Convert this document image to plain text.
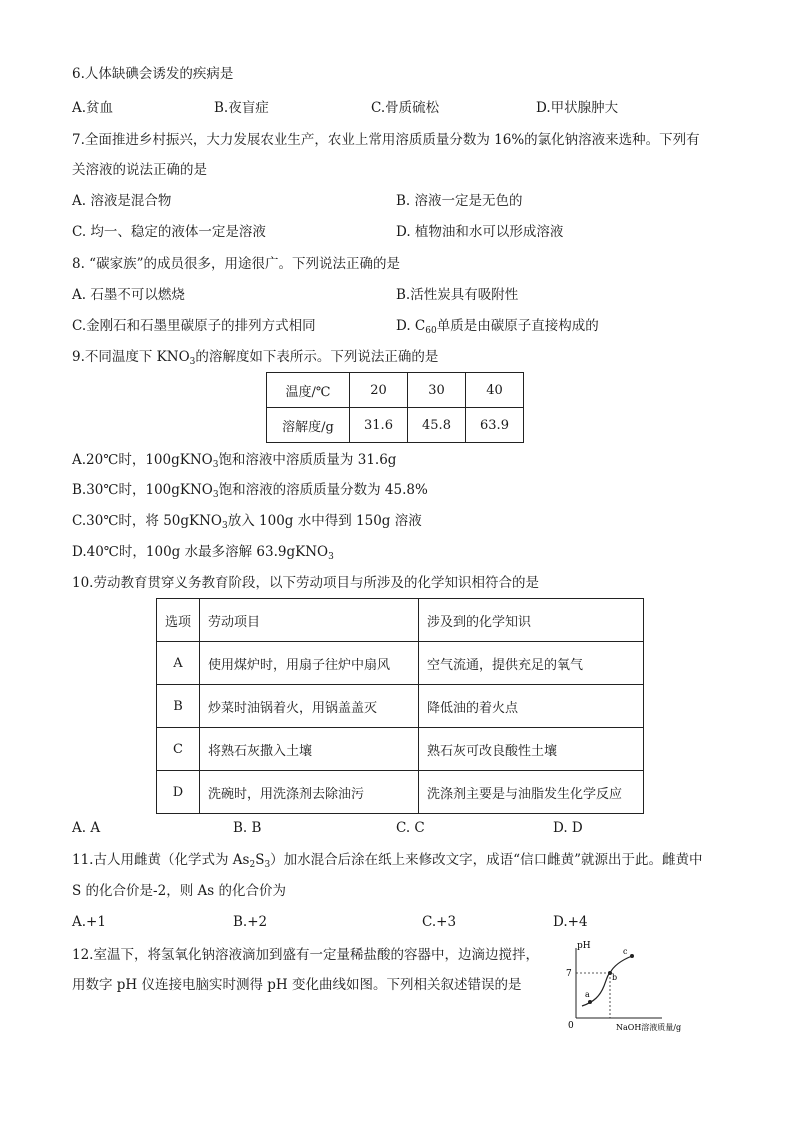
6.人体缺碘会诱发的疾病是
A.贫血	B.夜盲症	C.骨质硫松	D.甲状腺肿大
7.全面推进乡村振兴，大力发展农业生产，农业上常用溶质质量分数为 16%的氯化钠溶液来选种。下列有
关溶液的说法正确的是
A. 溶液是混合物	B. 溶液一定是无色的
C. 均一、稳定的液体一定是溶液	D. 植物油和水可以形成溶液
8. “碳家族”的成员很多，用途很广。下列说法正确的是
A. 石墨不可以燃烧	B.活性炭具有吸附性
C.金刚石和石墨里碳原子的排列方式相同	D. $C_{60}$单质是由碳原子直接构成的
9.不同温度下 $KNO_3$的溶解度如下表所示。下列说法正确的是
温度/℃	20	30	40
溶解度/g	31.6	45.8	63.9
A.20℃时，100gKNO$_3$饱和溶液中溶质质量为 31.6g
B.30℃时，100gKNO$_3$饱和溶液的溶质质量分数为 45.8%
C.30℃时，将 50gKNO$_3$放入 100g 水中得到 150g 溶液
D.40℃时，100g 水最多溶解 63.9gKNO$_3$
10.劳动教育贯穿义务教育阶段，以下劳动项目与所涉及的化学知识相符合的是
选项	劳动项目	涉及到的化学知识
A	使用煤炉时，用扇子往炉中扇风	空气流通，提供充足的氧气
B	炒菜时油锅着火，用锅盖盖灭	降低油的着火点
C	将熟石灰撒入土壤	熟石灰可改良酸性土壤
D	洗碗时，用洗涤剂去除油污	洗涤剂主要是与油脂发生化学反应
A. A	B. B	C. C	D. D
11.古人用雌黄（化学式为 $As_2S_3$）加水混合后涂在纸上来修改文字，成语“信口雌黄”就源出于此。雌黄中
S 的化合价是-2，则 As 的化合价为
A.+1	B.+2	C.+3	D.+4
12.室温下，将氢氧化钠溶液滴加到盛有一定量稀盐酸的容器中，边滴边搅拌，
用数字 pH 仪连接电脑实时测得 pH 变化曲线如图。下列相关叙述错误的是
pH
7
0
a
b
c
NaOH溶液质量/g
